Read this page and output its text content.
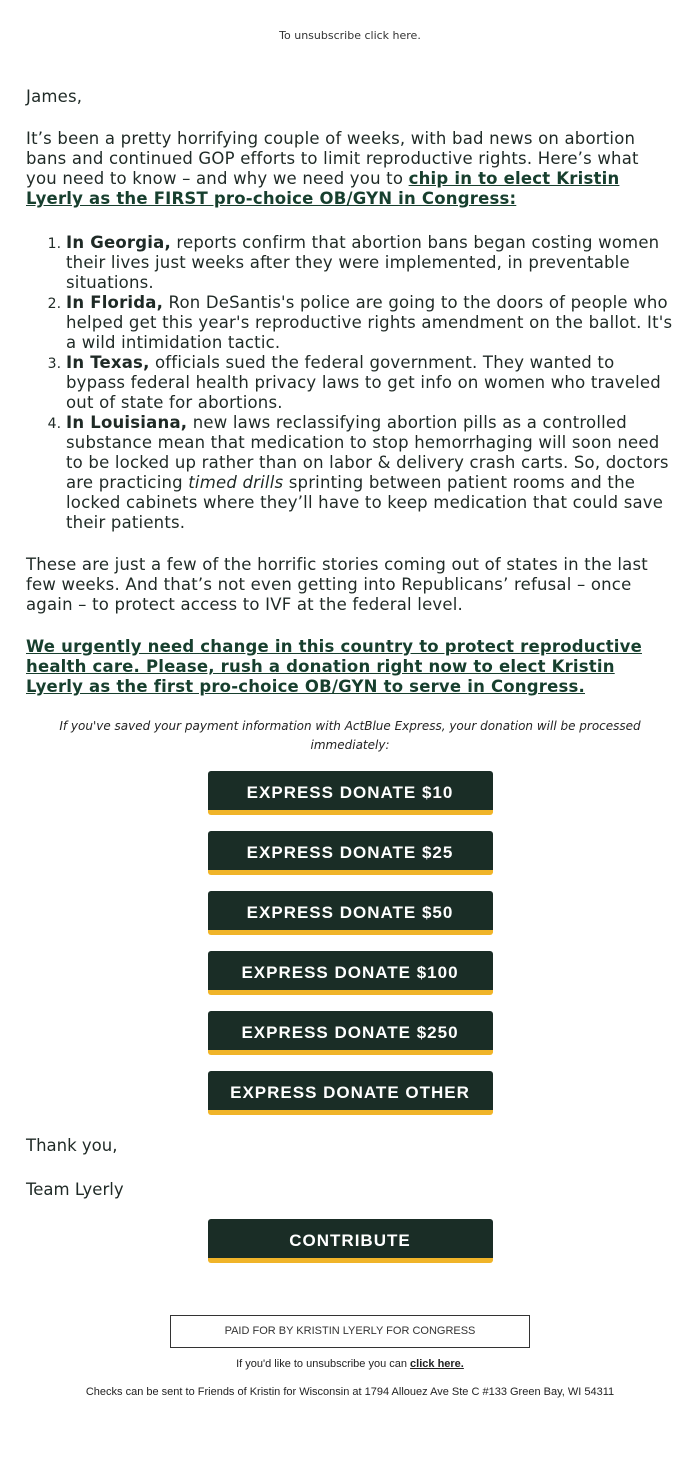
To unsubscribe click here.

James,

It’s been a pretty horrifying couple of weeks, with bad news on abortion bans and continued GOP efforts to limit reproductive rights. Here’s what you need to know – and why we need you to chip in to elect Kristin Lyerly as the FIRST pro-choice OB/GYN in Congress:

1. In Georgia, reports confirm that abortion bans began costing women their lives just weeks after they were implemented, in preventable situations.
2. In Florida, Ron DeSantis's police are going to the doors of people who helped get this year's reproductive rights amendment on the ballot. It's a wild intimidation tactic.
3. In Texas, officials sued the federal government. They wanted to bypass federal health privacy laws to get info on women who traveled out of state for abortions.
4. In Louisiana, new laws reclassifying abortion pills as a controlled substance mean that medication to stop hemorrhaging will soon need to be locked up rather than on labor & delivery crash carts. So, doctors are practicing timed drills sprinting between patient rooms and the locked cabinets where they’ll have to keep medication that could save their patients.

These are just a few of the horrific stories coming out of states in the last few weeks. And that’s not even getting into Republicans’ refusal – once again – to protect access to IVF at the federal level.

We urgently need change in this country to protect reproductive health care. Please, rush a donation right now to elect Kristin Lyerly as the first pro-choice OB/GYN to serve in Congress.

If you've saved your payment information with ActBlue Express, your donation will be processed immediately:
EXPRESS DONATE $10
EXPRESS DONATE $25
EXPRESS DONATE $50
EXPRESS DONATE $100
EXPRESS DONATE $250
EXPRESS DONATE OTHER
Thank you,
Team Lyerly
CONTRIBUTE
PAID FOR BY KRISTIN LYERLY FOR CONGRESS
If you'd like to unsubscribe you can click here.
Checks can be sent to Friends of Kristin for Wisconsin at 1794 Allouez Ave Ste C #133 Green Bay, WI 54311
